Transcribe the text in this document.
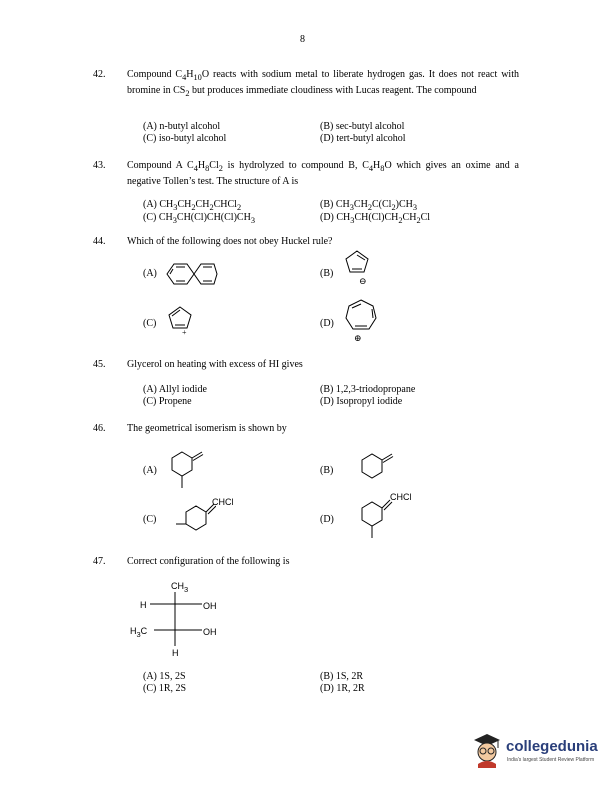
8
42. Compound $C_4H_{10}O$ reacts with sodium metal to liberate hydrogen gas. It does not react with bromine in $CS_2$ but produces immediate cloudiness with Lucas reagent. The compound
(A) n-butyl alcohol	(B) sec-butyl alcohol
(C) iso-butyl alcohol	(D) tert-butyl alcohol
43. Compound A $C_4H_8Cl_2$ is hydrolyzed to compound B, $C_4H_8O$ which gives an oxime and a negative Tollen’s test. The structure of A is
(A) $CH_3CH_2CH_2CHCl_2$	(B) $CH_3CH_2C(Cl_2)CH_3$
(C) $CH_3CH(Cl)CH(Cl)CH_3$	(D) $CH_3CH(Cl)CH_2CH_2Cl$
44. Which of the following does not obey Huckel rule?
(A)	(B)
(C)	(D)
⊖
+
⊕
45. Glycerol on heating with excess of HI gives
(A) Allyl iodide	(B) 1,2,3-triodopropane
(C) Propene	(D) Isopropyl iodide
46. The geometrical isomerism is shown by
(A)	(B)
(C)	(D)
CHCl	CHCl
47. Correct configuration of the following is
$CH_3$
H	OH
$H_3C$	OH
H
(A) 1S, 2S	(B) 1S, 2R
(C) 1R, 2S	(D) 1R, 2R
collegedunia
India's largest Student Review Platform
